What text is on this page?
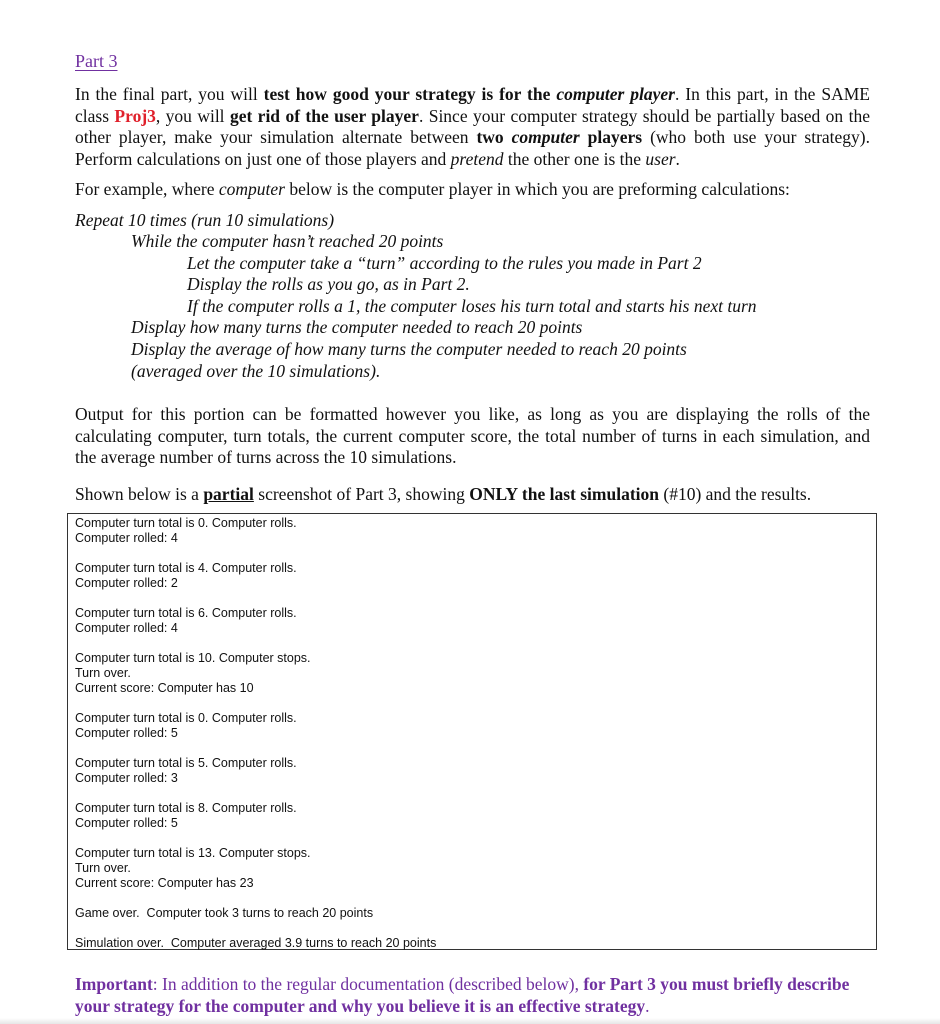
Part 3

In the final part, you will test how good your strategy is for the computer player. In this part, in the SAME class Proj3, you will get rid of the user player. Since your computer strategy should be partially based on the other player, make your simulation alternate between two computer players (who both use your strategy). Perform calculations on just one of those players and pretend the other one is the user.

For example, where computer below is the computer player in which you are preforming calculations:

Repeat 10 times (run 10 simulations)
While the computer hasn’t reached 20 points
Let the computer take a “turn” according to the rules you made in Part 2
Display the rolls as you go, as in Part 2.
If the computer rolls a 1, the computer loses his turn total and starts his next turn
Display how many turns the computer needed to reach 20 points
Display the average of how many turns the computer needed to reach 20 points
(averaged over the 10 simulations).

Output for this portion can be formatted however you like, as long as you are displaying the rolls of the calculating computer, turn totals, the current computer score, the total number of turns in each simulation, and the average number of turns across the 10 simulations.

Shown below is a partial screenshot of Part 3, showing ONLY the last simulation (#10) and the results.

Computer turn total is 0. Computer rolls.
Computer rolled: 4
Computer turn total is 4. Computer rolls.
Computer rolled: 2
Computer turn total is 6. Computer rolls.
Computer rolled: 4
Computer turn total is 10. Computer stops.
Turn over.
Current score: Computer has 10
Computer turn total is 0. Computer rolls.
Computer rolled: 5
Computer turn total is 5. Computer rolls.
Computer rolled: 3
Computer turn total is 8. Computer rolls.
Computer rolled: 5
Computer turn total is 13. Computer stops.
Turn over.
Current score: Computer has 23
Game over.  Computer took 3 turns to reach 20 points
Simulation over.  Computer averaged 3.9 turns to reach 20 points
Important: In addition to the regular documentation (described below), for Part 3 you must briefly describe your strategy for the computer and why you believe it is an effective strategy.
